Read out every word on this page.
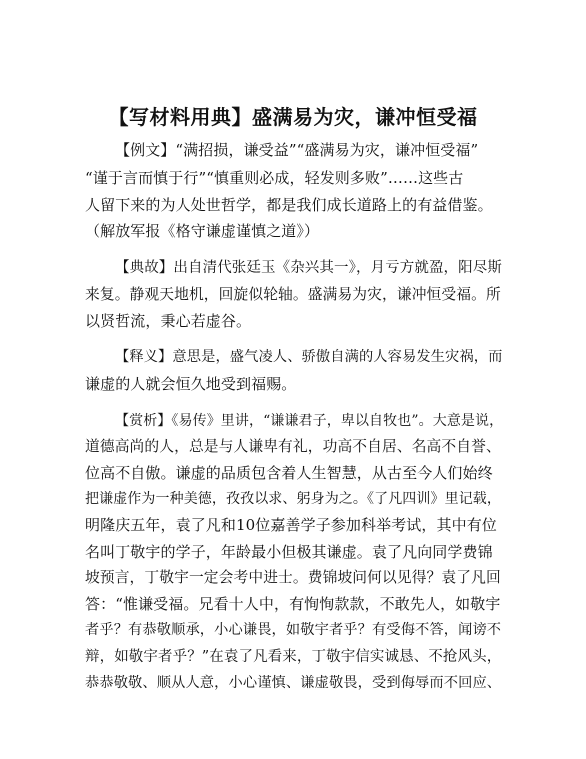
【写材料用典】盛满易为灾，谦冲恒受福
【例文】“满招损，谦受益”“盛满易为灾，谦冲恒受福”
“谨于言而慎于行”“慎重则必成，轻发则多败”……这些古
人留下来的为人处世哲学，都是我们成长道路上的有益借鉴。
（解放军报《格守谦虚谨慎之道》）
【典故】出自清代张廷玉《杂兴其一》，月亏方就盈，阳尽斯
来复。静观天地机，回旋似轮轴。盛满易为灾，谦冲恒受福。所
以贤哲流，秉心若虚谷。
【释义】意思是，盛气凌人、骄傲自满的人容易发生灾祸，而
谦虚的人就会恒久地受到福赐。
【赏析】《易传》里讲，“谦谦君子，卑以自牧也”。大意是说，
道德高尚的人，总是与人谦卑有礼，功高不自居、名高不自誉、
位高不自傲。谦虚的品质包含着人生智慧，从古至今人们始终
把谦虚作为一种美德，孜孜以求、躬身为之。《了凡四训》里记载，
明隆庆五年，袁了凡和10位嘉善学子参加科举考试，其中有位
名叫丁敬宇的学子，年龄最小但极其谦虚。袁了凡向同学费锦
坡预言，丁敬宇一定会考中进士。费锦坡问何以见得？袁了凡回
答：“惟谦受福。兄看十人中，有恂恂款款，不敢先人，如敬宇
者乎？有恭敬顺承，小心谦畏，如敬宇者乎？有受侮不答，闻谤不
辩，如敬宇者乎？”在袁了凡看来，丁敬宇信实诚恳、不抢风头，
恭恭敬敬、顺从人意，小心谨慎、谦虚敬畏，受到侮辱而不回应、
